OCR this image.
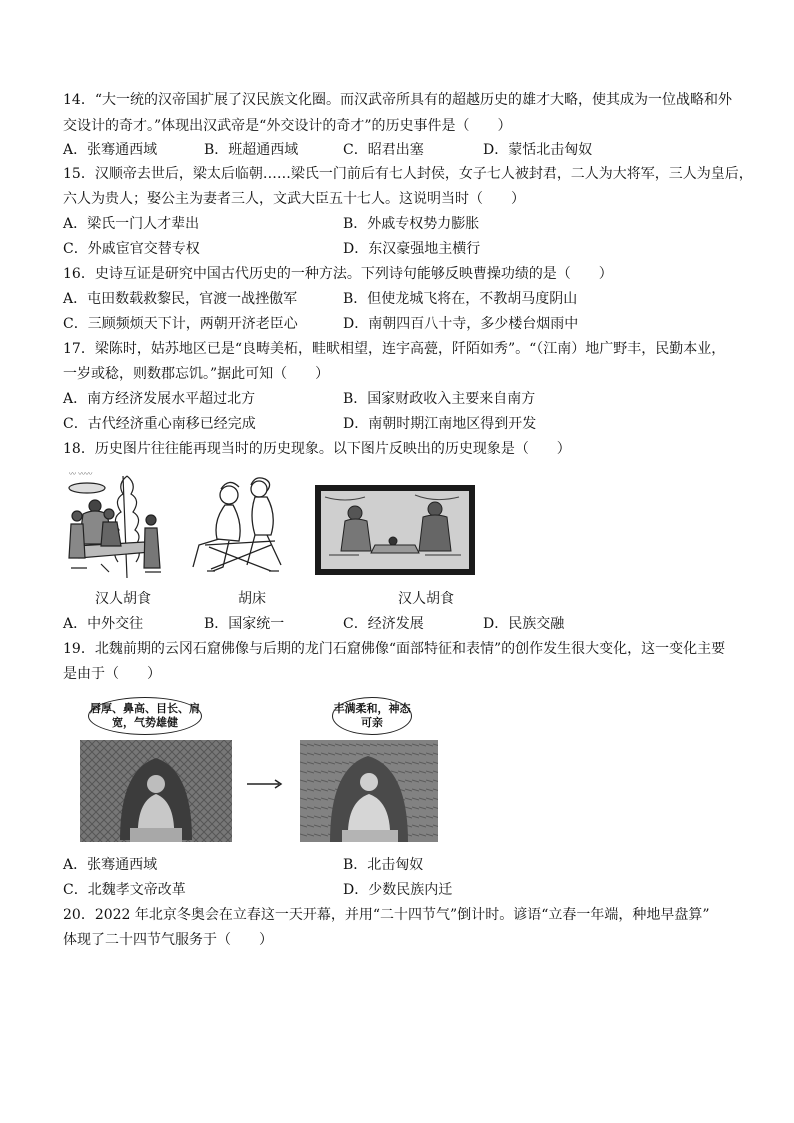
14．“大一统的汉帝国扩展了汉民族文化圈。而汉武帝所具有的超越历史的雄才大略，使其成为一位战略和外
交设计的奇才。”体现出汉武帝是“外交设计的奇才”的历史事件是（　　）
A．张骞通西域	B．班超通西域	C．昭君出塞	D．蒙恬北击匈奴
15．汉顺帝去世后，梁太后临朝……梁氏一门前后有七人封侯，女子七人被封君，二人为大将军，三人为皇后，
六人为贵人；娶公主为妻者三人，文武大臣五十七人。这说明当时（　　）
A．梁氏一门人才辈出	B．外戚专权势力膨胀
C．外戚宦官交替专权	D．东汉豪强地主横行
16．史诗互证是研究中国古代历史的一种方法。下列诗句能够反映曹操功绩的是（　　）
A．屯田数载救黎民，官渡一战挫傲军	B．但使龙城飞将在，不教胡马度阴山
C．三顾频烦天下计，两朝开济老臣心	D．南朝四百八十寺，多少楼台烟雨中
17．梁陈时，姑苏地区已是“良畴美柘，畦畎相望，连宇高甍，阡陌如秀”。“（江南）地广野丰，民勤本业，
一岁或稔，则数郡忘饥。”据此可知（　　）
A．南方经济发展水平超过北方	B．国家财政收入主要来自南方
C．古代经济重心南移已经完成	D．南朝时期江南地区得到开发
18．历史图片往往能再现当时的历史现象。以下图片反映出的历史现象是（　　）
〰 〰〰
汉人胡食	胡床	汉人胡食
A．中外交往	B．国家统一	C．经济发展	D．民族交融
19．北魏前期的云冈石窟佛像与后期的龙门石窟佛像“面部特征和表情”的创作发生很大变化，这一变化主要
是由于（　　）
唇厚、鼻高、目长、肩宽，气势雄健
丰满柔和，神态可亲
A．张骞通西域	B．北击匈奴
C．北魏孝文帝改革	D．少数民族内迁
20．2022 年北京冬奥会在立春这一天开幕，并用“二十四节气”倒计时。谚语“立春一年端，种地早盘算”
体现了二十四节气服务于（　　）
